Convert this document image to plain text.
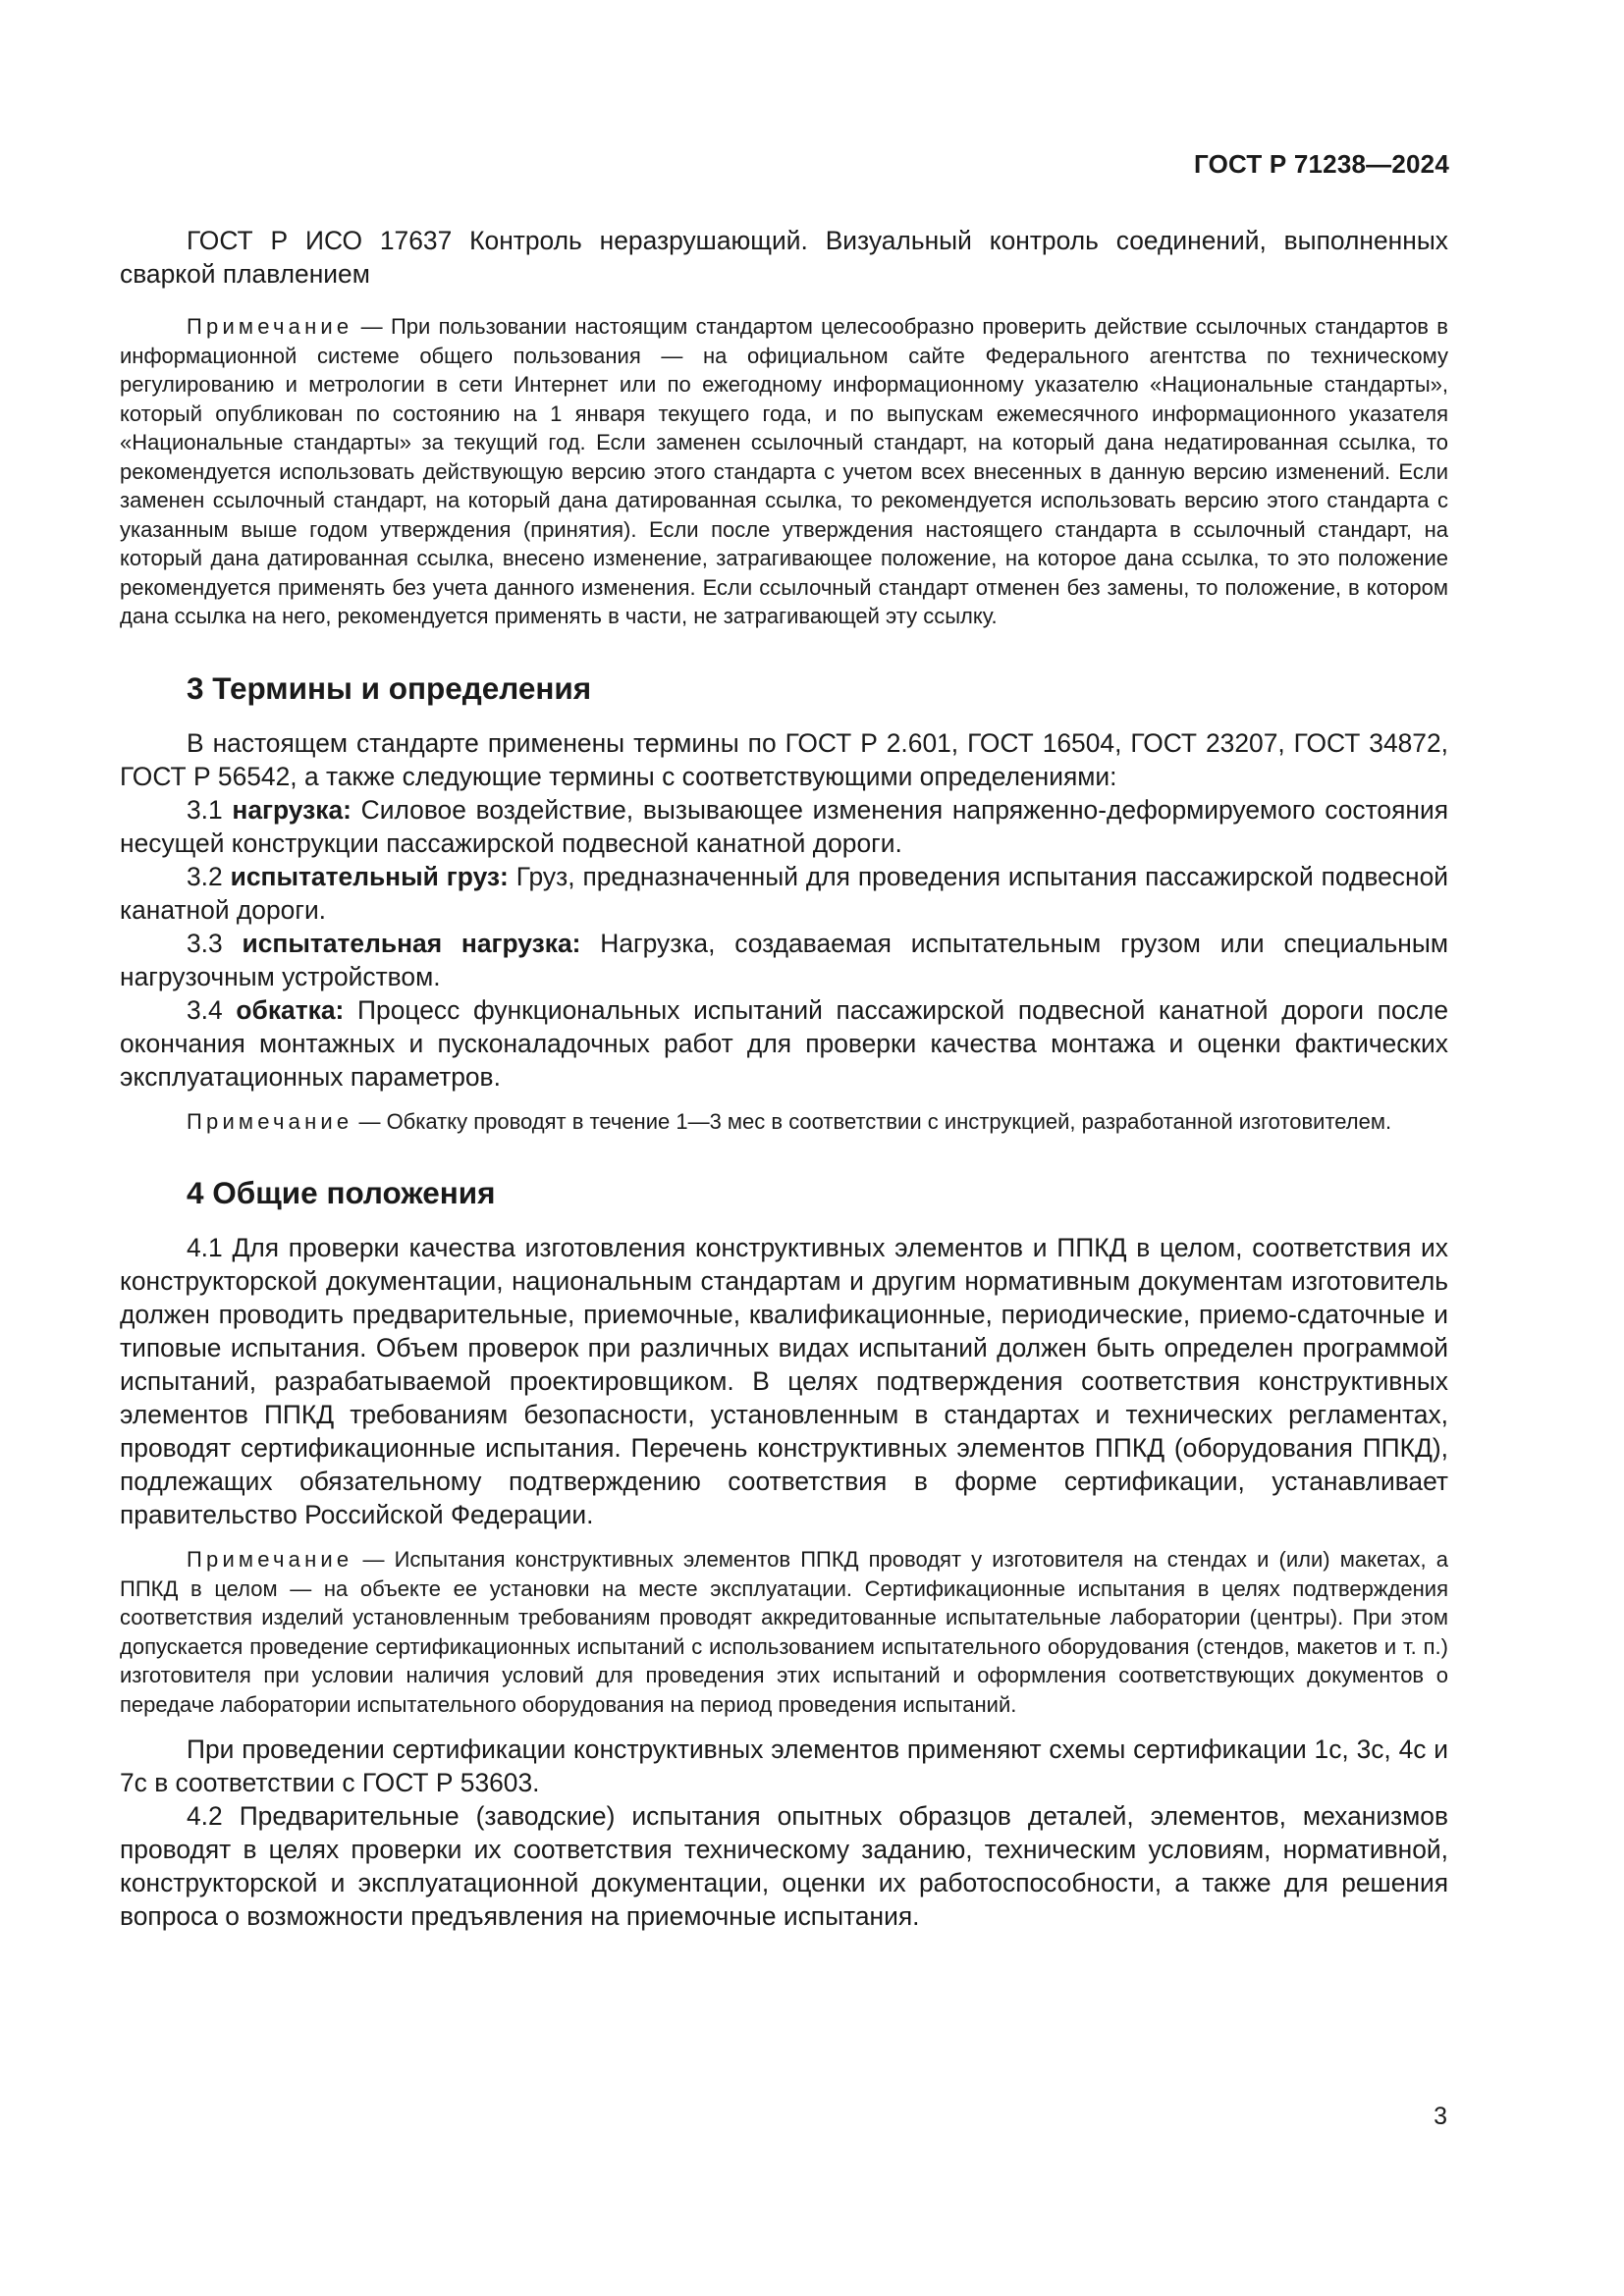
ГОСТ Р 71238—2024

ГОСТ Р ИСО 17637 Контроль неразрушающий. Визуальный контроль соединений, выполненных сваркой плавлением

Примечание — При пользовании настоящим стандартом целесообразно проверить действие ссылочных стандартов в информационной системе общего пользования — на официальном сайте Федерального агентства по техническому регулированию и метрологии в сети Интернет или по ежегодному информационному указателю «Национальные стандарты», который опубликован по состоянию на 1 января текущего года, и по выпускам ежемесячного информационного указателя «Национальные стандарты» за текущий год. Если заменен ссылочный стандарт, на который дана недатированная ссылка, то рекомендуется использовать действующую версию этого стандарта с учетом всех внесенных в данную версию изменений. Если заменен ссылочный стандарт, на который дана датированная ссылка, то рекомендуется использовать версию этого стандарта с указанным выше годом утверждения (принятия). Если после утверждения настоящего стандарта в ссылочный стандарт, на который дана датированная ссылка, внесено изменение, затрагивающее положение, на которое дана ссылка, то это положение рекомендуется применять без учета данного изменения. Если ссылочный стандарт отменен без замены, то положение, в котором дана ссылка на него, рекомендуется применять в части, не затрагивающей эту ссылку.

3 Термины и определения

В настоящем стандарте применены термины по ГОСТ Р 2.601, ГОСТ 16504, ГОСТ 23207, ГОСТ 34872, ГОСТ Р 56542, а также следующие термины с соответствующими определениями:

3.1 нагрузка: Силовое воздействие, вызывающее изменения напряженно-деформируемого состояния несущей конструкции пассажирской подвесной канатной дороги.

3.2 испытательный груз: Груз, предназначенный для проведения испытания пассажирской подвесной канатной дороги.

3.3 испытательная нагрузка: Нагрузка, создаваемая испытательным грузом или специальным нагрузочным устройством.

3.4 обкатка: Процесс функциональных испытаний пассажирской подвесной канатной дороги после окончания монтажных и пусконаладочных работ для проверки качества монтажа и оценки фактических эксплуатационных параметров.

Примечание — Обкатку проводят в течение 1—3 мес в соответствии с инструкцией, разработанной изготовителем.

4 Общие положения

4.1 Для проверки качества изготовления конструктивных элементов и ППКД в целом, соответствия их конструкторской документации, национальным стандартам и другим нормативным документам изготовитель должен проводить предварительные, приемочные, квалификационные, периодические, приемо-сдаточные и типовые испытания. Объем проверок при различных видах испытаний должен быть определен программой испытаний, разрабатываемой проектировщиком. В целях подтверждения соответствия конструктивных элементов ППКД требованиям безопасности, установленным в стандартах и технических регламентах, проводят сертификационные испытания. Перечень конструктивных элементов ППКД (оборудования ППКД), подлежащих обязательному подтверждению соответствия в форме сертификации, устанавливает правительство Российской Федерации.

Примечание — Испытания конструктивных элементов ППКД проводят у изготовителя на стендах и (или) макетах, а ППКД в целом — на объекте ее установки на месте эксплуатации. Сертификационные испытания в целях подтверждения соответствия изделий установленным требованиям проводят аккредитованные испытательные лаборатории (центры). При этом допускается проведение сертификационных испытаний с использованием испытательного оборудования (стендов, макетов и т. п.) изготовителя при условии наличия условий для проведения этих испытаний и оформления соответствующих документов о передаче лаборатории испытательного оборудования на период проведения испытаний.

При проведении сертификации конструктивных элементов применяют схемы сертификации 1с, 3с, 4с и 7с в соответствии с ГОСТ Р 53603.

4.2 Предварительные (заводские) испытания опытных образцов деталей, элементов, механизмов проводят в целях проверки их соответствия техническому заданию, техническим условиям, нормативной, конструкторской и эксплуатационной документации, оценки их работоспособности, а также для решения вопроса о возможности предъявления на приемочные испытания.

3
